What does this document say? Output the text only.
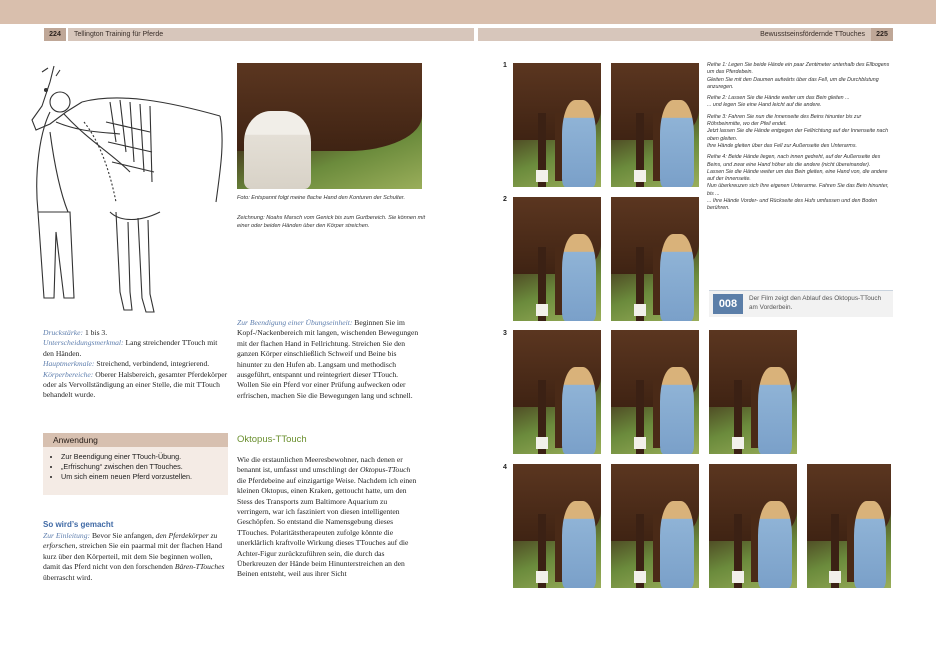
224	Tellington Training für Pferde	Bewusstseinsfördernde TTouches	225
Foto: Entspannt folgt meine flache Hand den Konturen der Schulter.
Zeichnung: Noahs Marsch vom Genick bis zum Gurtbereich. Sie können mit einer oder beiden Händen über den Körper streichen.
Druckstärke: 1 bis 3.
Unterscheidungsmerkmal: Lang streichender TTouch mit den Händen.
Hauptmerkmale: Streichend, verbindend, integrierend.
Körperbereiche: Oberer Halsbereich, gesamter Pferdekörper oder als Vervollständigung an einer Stelle, die mit TTouch behandelt wurde.
Anwendung
• Zur Beendigung einer TTouch-Übung.
• „Erfrischung“ zwischen den TTouches.
• Um sich einem neuen Pferd vorzustellen.
So wird’s gemacht
Zur Einleitung: Bevor Sie anfangen, den Pferdekörper zu erforschen, streichen Sie ein paarmal mit der flachen Hand kurz über den Körperteil, mit dem Sie beginnen wollen, damit das Pferd nicht von den forschenden Bären-TTouches überrascht wird.
Zur Beendigung einer Übungseinheit: Beginnen Sie im Kopf-/Nackenbereich mit langen, wischenden Bewegungen mit der flachen Hand in Fellrichtung. Streichen Sie den ganzen Körper einschließlich Schweif und Beine bis hinunter zu den Hufen ab. Langsam und methodisch ausgeführt, entspannt und reintegriert dieser TTouch. Wollen Sie ein Pferd vor einer Prüfung aufwecken oder erfrischen, machen Sie die Bewegungen lang und schnell.
Oktopus-TTouch
Wie die erstaunlichen Meeresbewohner, nach denen er benannt ist, umfasst und umschlingt der Oktopus-TTouch die Pferdebeine auf einzigartige Weise. Nachdem ich einen kleinen Oktopus, einen Kraken, gettoucht hatte, um den Stess des Transports zum Baltimore Aquarium zu verringern, war ich fasziniert von diesen intelligenten Geschöpfen. So entstand die Namensgebung dieses TTouches. Polaritätstherapeuten zufolge könnte die unerklärlich kraftvolle Wirkung dieses TTouches auf die Achter-Figur zurückzuführen sein, die durch das Überkreuzen der Hände beim Hinunterstreichen an den Beinen entsteht, weil aus ihrer Sicht
1
2
3
4
Reihe 1: Legen Sie beide Hände ein paar Zentimeter unterhalb des Ellbogens um das Pferdebein.
Gleiten Sie mit den Daumen aufwärts über das Fell, um die Durchblutung anzuregen.
Reihe 2: Lassen Sie die Hände weiter um das Bein gleiten ...
... und legen Sie eine Hand leicht auf die andere.
Reihe 3: Fahren Sie nun die Innenseite des Beins hinunter bis zur Röhrbeinmitte, wo der Pfeil endet.
Jetzt lassen Sie die Hände entgegen der Fellrichtung auf der Innenseite nach oben gleiten.
Ihre Hände gleiten über das Fell zur Außenseite des Unterarms.
Reihe 4: Beide Hände liegen, nach innen gedreht, auf der Außenseite des Beins, und zwar eine Hand höher als die andere (nicht übereinander).
Lassen Sie die Hände weiter um das Bein gleiten, eine Hand von, die andere auf der Innenseite.
Nun überkreuzen sich Ihre eigenen Unterarme. Fahren Sie das Bein hinunter, bis ...
... Ihre Hände Vorder- und Rückseite des Hufs umfassen und den Boden berühren.
008	Der Film zeigt den Ablauf des Oktopus-TTouch am Vorderbein.
